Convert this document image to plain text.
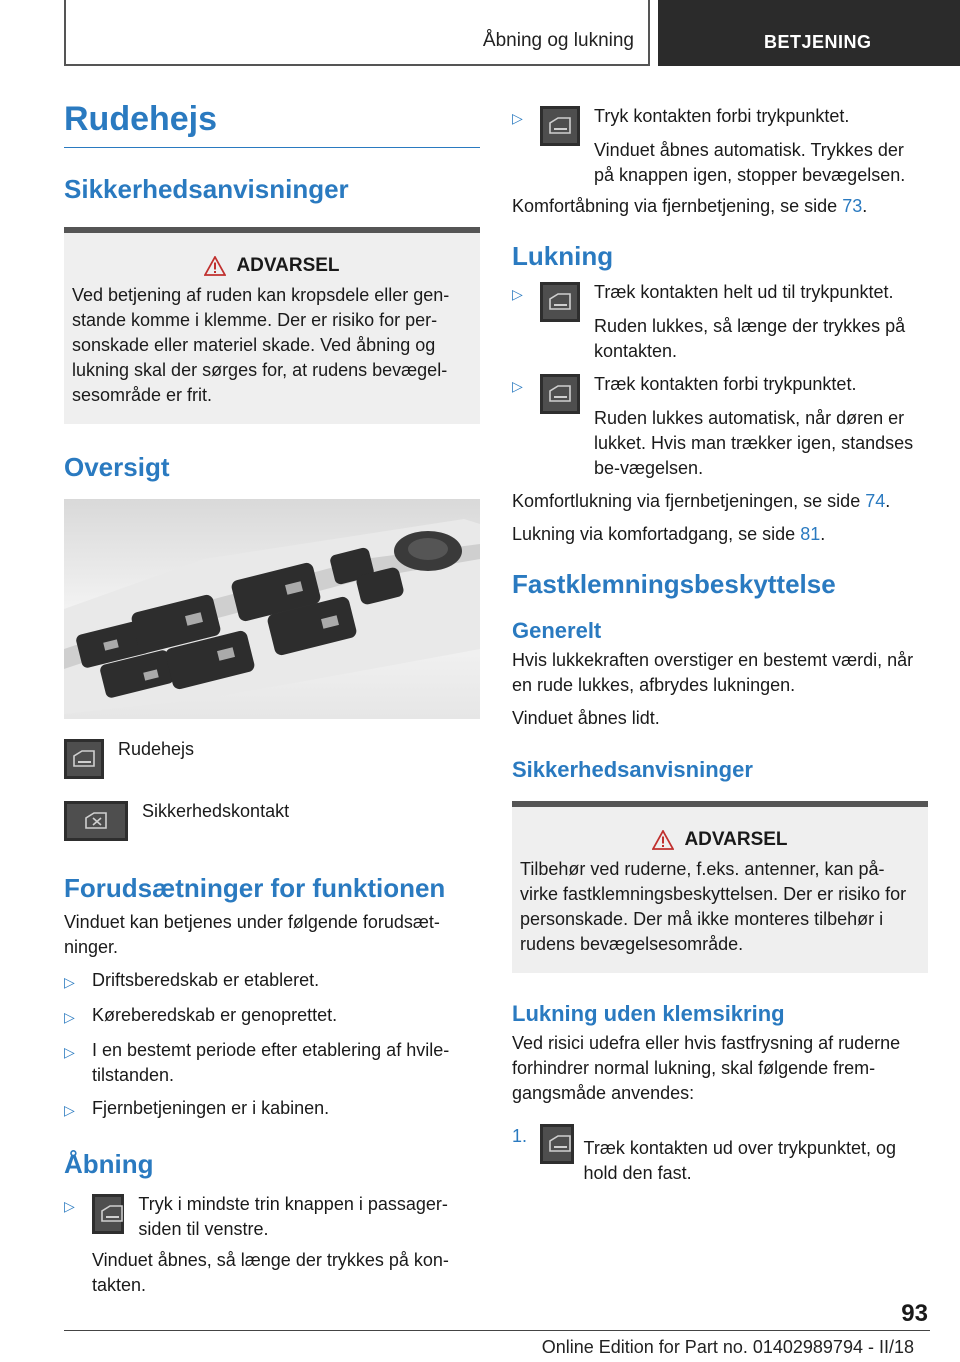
Åbning og lukning	BETJENING
Rudehejs
Sikkerhedsanvisninger
ADVARSEL

Ved betjening af ruden kan kropsdele eller gen-stande komme i klemme. Der er risiko for per-sonskade eller materiel skade. Ved åbning og lukning skal der sørges for, at rudens bevægel-sesområde er frit.

Oversigt

Rudehejs

Sikkerhedskontakt

Forudsætninger for funktionen

Vinduet kan betjenes under følgende forudsæt-ninger.

▷ Driftsberedskab er etableret.
▷ Køreberedskab er genoprettet.
▷ I en bestemt periode efter etablering af hvile-tilstanden.
▷ Fjernbetjeningen er i kabinen.
Åbning
▷	Tryk i mindste trin knappen i passager-siden til venstre.

Vinduet åbnes, så længe der trykkes på kon-takten.

▷	Tryk kontakten forbi trykpunktet.

Vinduet åbnes automatisk. Trykkes der på knappen igen, stopper bevægelsen.

Komfortåbning via fjernbetjening, se side 73.

Lukning
▷	Træk kontakten helt ud til trykpunktet.

Ruden lukkes, så længe der trykkes på kontakten.

▷	Træk kontakten forbi trykpunktet.

Ruden lukkes automatisk, når døren er lukket. Hvis man trækker igen, standses be-vægelsen.

Komfortlukning via fjernbetjeningen, se side 74.

Lukning via komfortadgang, se side 81.

Fastklemningsbeskyttelse
Generelt

Hvis lukkekraften overstiger en bestemt værdi, når en rude lukkes, afbrydes lukningen.

Vinduet åbnes lidt.

Sikkerhedsanvisninger
ADVARSEL

Tilbehør ved ruderne, f.eks. antenner, kan på-virke fastklemningsbeskyttelsen. Der er risiko for personskade. Der må ikke monteres tilbehør i rudens bevægelsesområde.

Lukning uden klemsikring

Ved risici udefra eller hvis fastfrysning af ruderne forhindrer normal lukning, skal følgende frem-gangsmåde anvendes:

1.
Træk kontakten ud over trykpunktet, og hold den fast.
93
Online Edition for Part no. 01402989794 - II/18
